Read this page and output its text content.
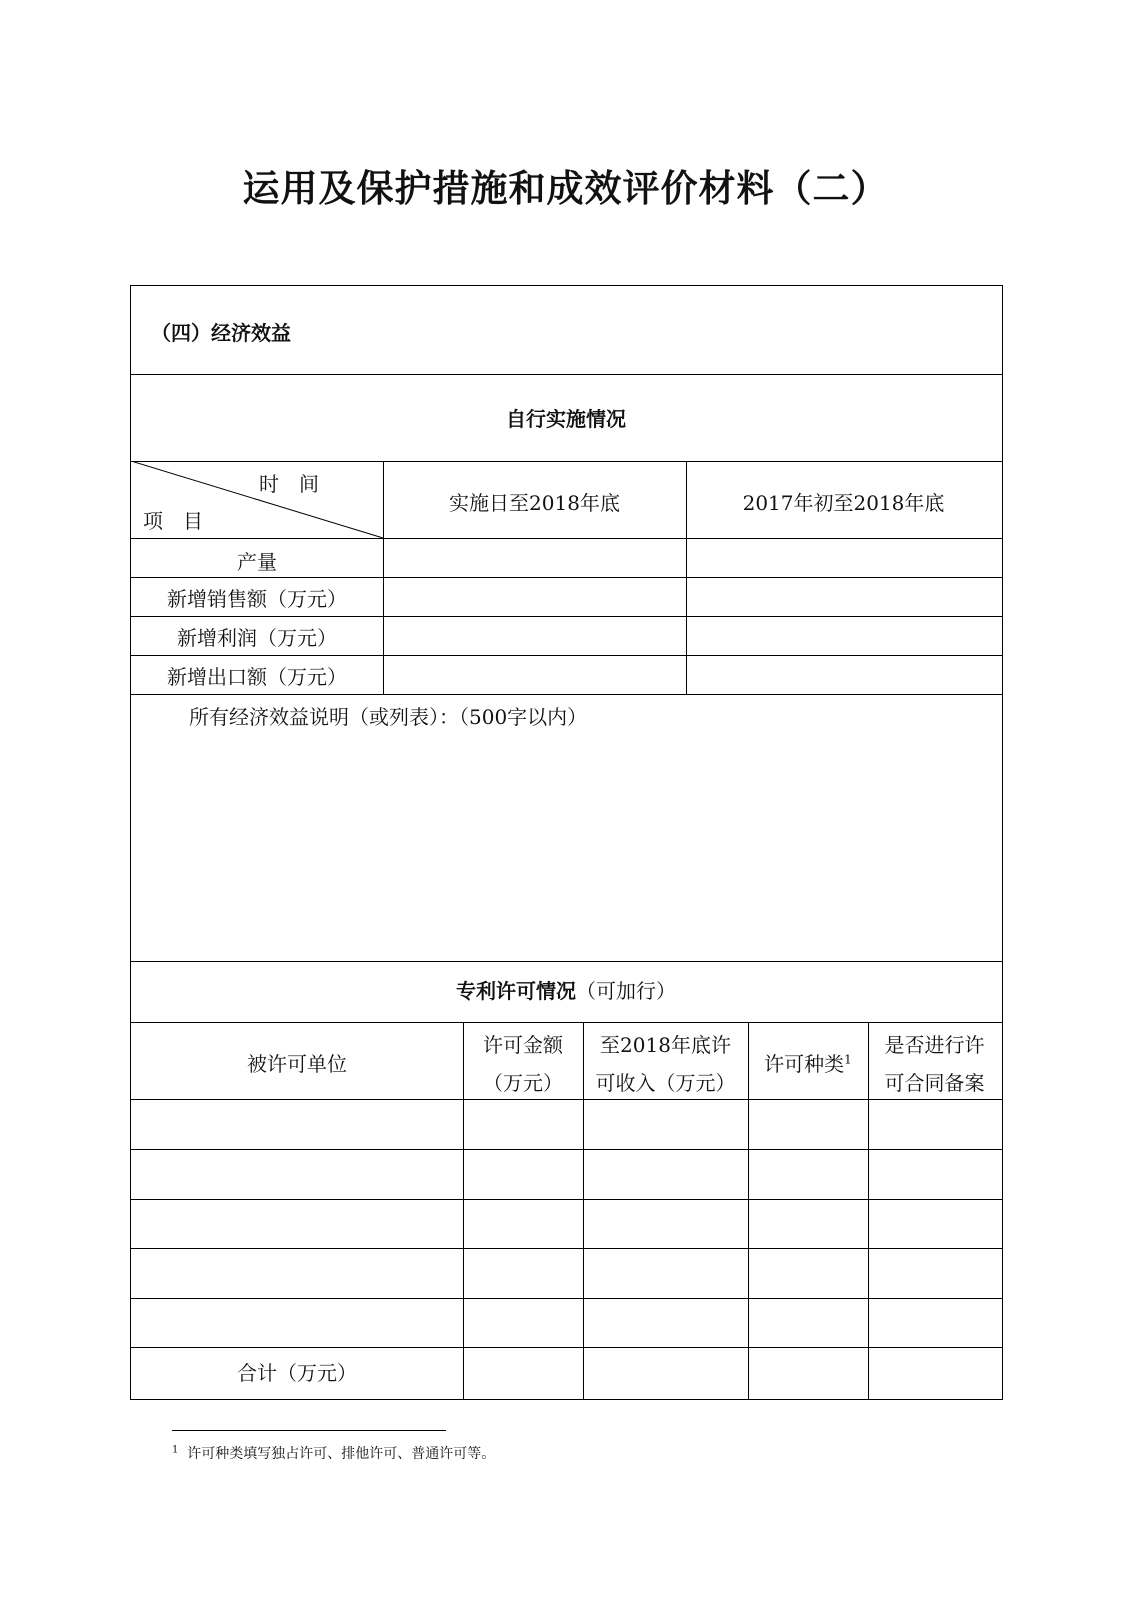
运用及保护措施和成效评价材料（二）
（四）经济效益
自行实施情况
时　间
项　目
实施日至2018年底	2017年初至2018年底
产量
新增销售额（万元）
新增利润（万元）
新增出口额（万元）
所有经济效益说明（或列表）：（500字以内）
专利许可情况（可加行）
被许可单位
许可金额
（万元）
至2018年底许
可收入（万元）
许可种类$^1$
是否进行许
可合同备案
合计（万元）
$^1$ 许可种类填写独占许可、排他许可、普通许可等。
